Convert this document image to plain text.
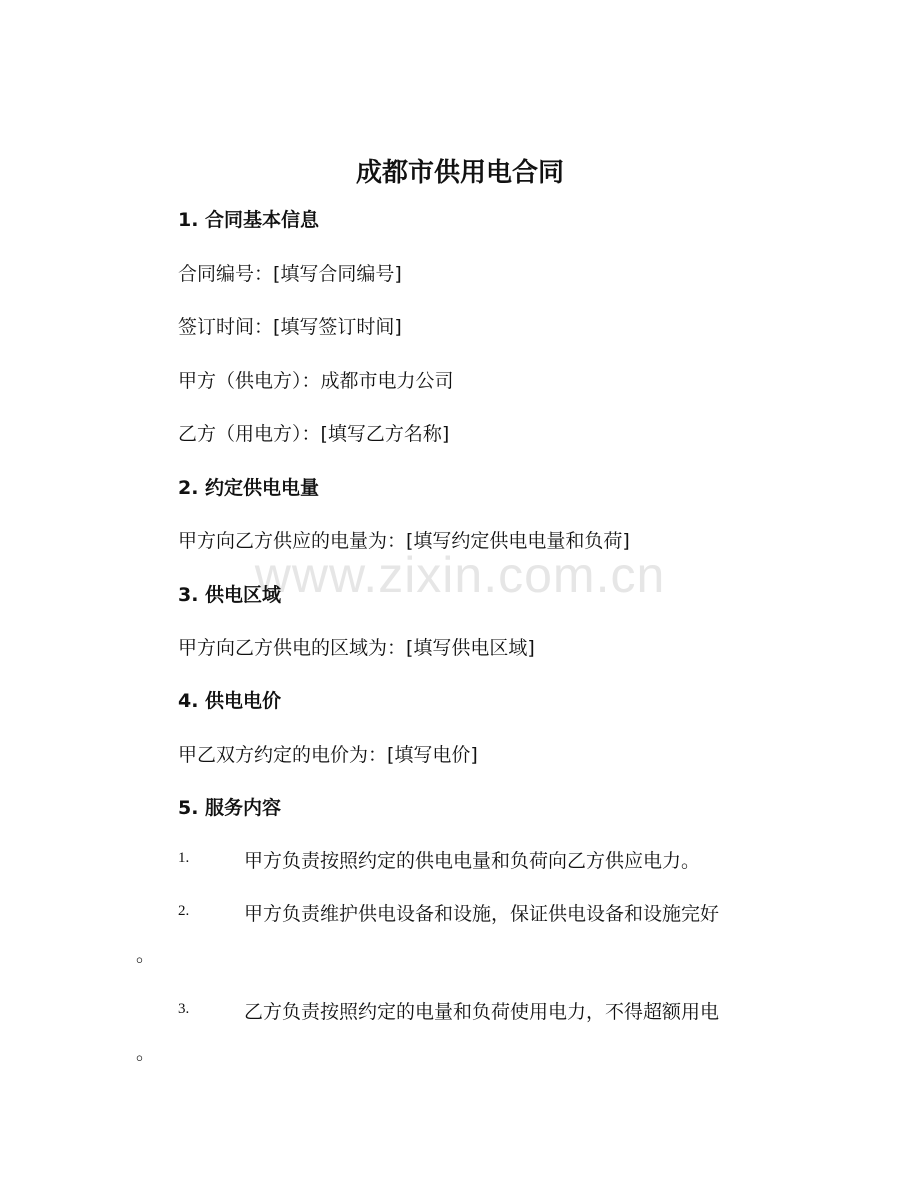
www.zixin.com.cn
成都市供用电合同
1. 合同基本信息
合同编号：[填写合同编号]
签订时间：[填写签订时间]
甲方（供电方）：成都市电力公司
乙方（用电方）：[填写乙方名称]
2. 约定供电电量
甲方向乙方供应的电量为：[填写约定供电电量和负荷]
3. 供电区域
甲方向乙方供电的区域为：[填写供电区域]
4. 供电电价
甲乙双方约定的电价为：[填写电价]
5. 服务内容
1.	甲方负责按照约定的供电电量和负荷向乙方供应电力。
2.	甲方负责维护供电设备和设施，保证供电设备和设施完好
。
3.	乙方负责按照约定的电量和负荷使用电力，不得超额用电
。
